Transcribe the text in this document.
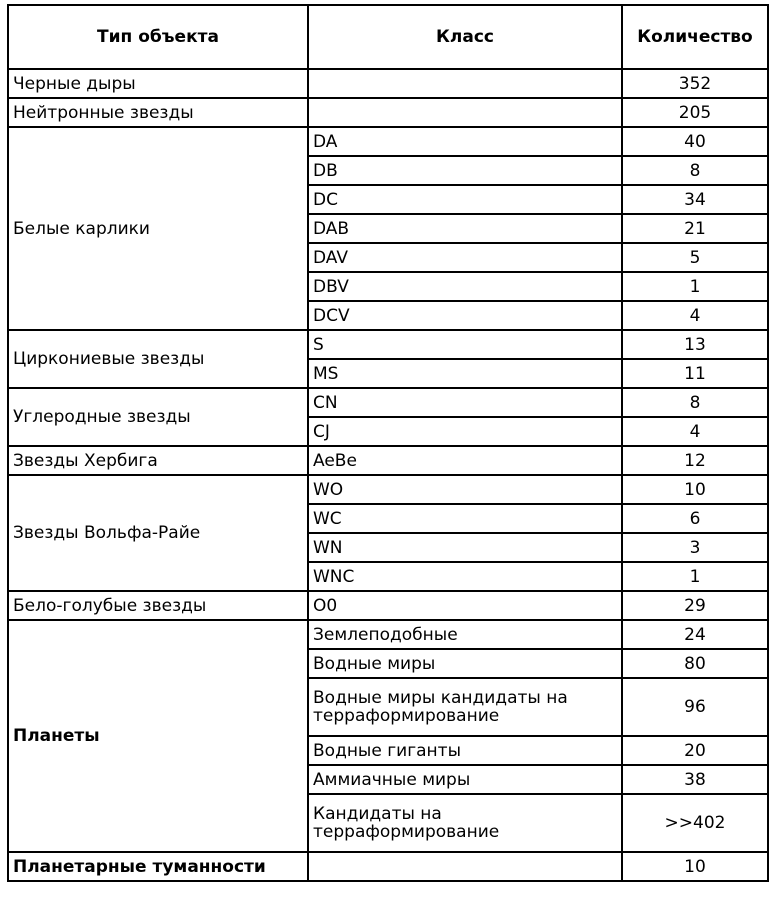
Тип объекта	Класс	Количество
Черные дыры		352
Нейтронные звезды		205
Белые карлики	DA	40
	DB	8
	DC	34
	DAB	21
	DAV	5
	DBV	1
	DCV	4
Циркониевые звезды	S	13
	MS	11
Углеродные звезды	CN	8
	CJ	4
Звезды Хербига	AeBe	12
Звезды Вольфа-Райе	WO	10
	WC	6
	WN	3
	WNC	1
Бело-голубые звезды	O0	29
Планеты	Землеподобные	24
	Водные миры	80
	Водные миры кандидаты на терраформирование	96
	Водные гиганты	20
	Аммиачные миры	38
	Кандидаты на терраформирование	>>402
Планетарные туманности		10
